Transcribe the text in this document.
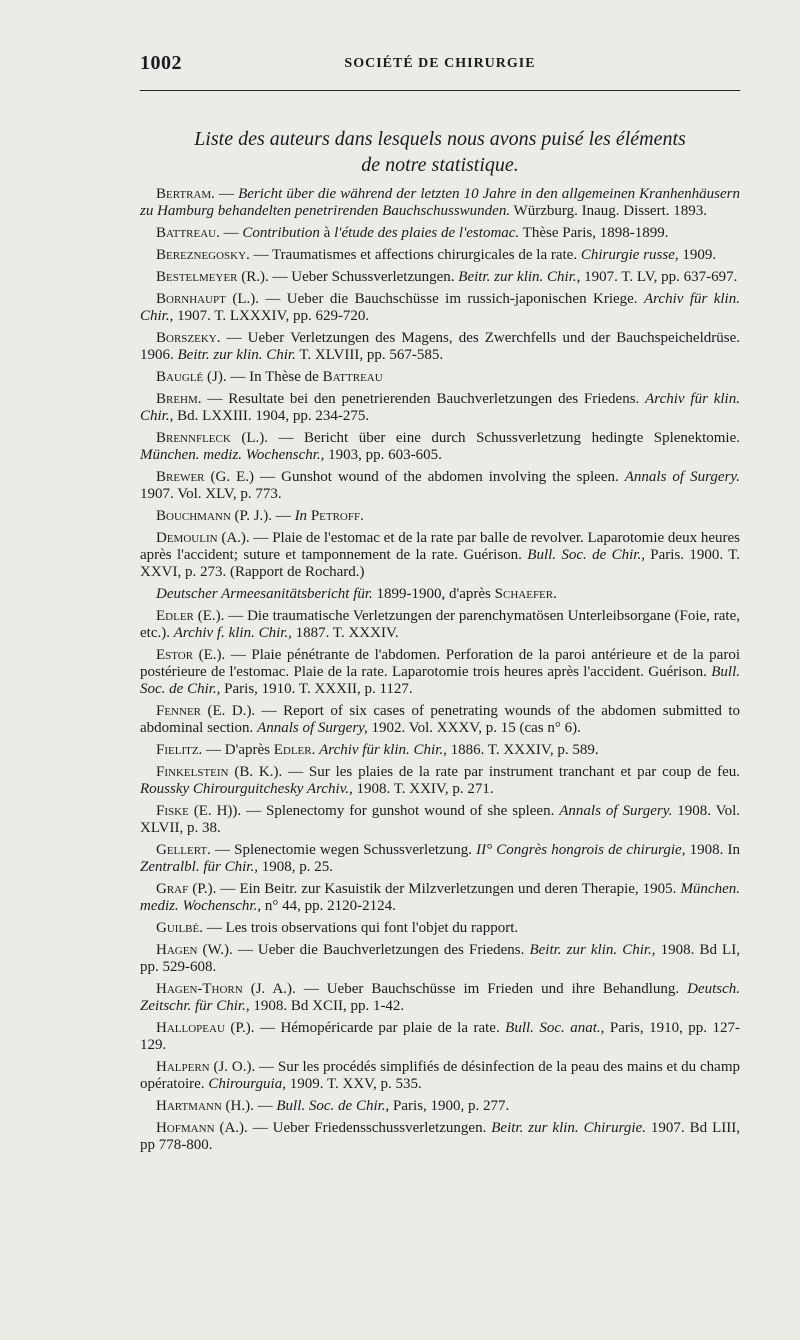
1002	SOCIÉTÉ DE CHIRURGIE
Liste des auteurs dans lesquels nous avons puisé les éléments
de notre statistique.

Bertram. — Bericht über die während der letzten 10 Jahre in den allgemeinen Kranhenhäusern zu Hamburg behandelten penetrirenden Bauchschusswunden. Würzburg. Inaug. Dissert. 1893.

Battreau. — Contribution à l'étude des plaies de l'estomac. Thèse Paris, 1898-1899.

Bereznegosky. — Traumatismes et affections chirurgicales de la rate. Chirurgie russe, 1909.

Bestelmeyer (R.). — Ueber Schussverletzungen. Beitr. zur klin. Chir., 1907. T. LV, pp. 637-697.

Bornhaupt (L.). — Ueber die Bauchschüsse im russich-japonischen Kriege. Archiv für klin. Chir., 1907. T. LXXXIV, pp. 629-720.

Borszeky. — Ueber Verletzungen des Magens, des Zwerchfells und der Bauchspeicheldrüse. 1906. Beitr. zur klin. Chir. T. XLVIII, pp. 567-585.

Bauglé (J). — In Thèse de Battreau

Brehm. — Resultate bei den penetrierenden Bauchverletzungen des Friedens. Archiv für klin. Chir., Bd. LXXIII. 1904, pp. 234-275.

Brennfleck (L.). — Bericht über eine durch Schussverletzung hedingte Splenektomie. München. mediz. Wochenschr., 1903, pp. 603-605.

Brewer (G. E.) — Gunshot wound of the abdomen involving the spleen. Annals of Surgery. 1907. Vol. XLV, p. 773.

Bouchmann (P. J.). — In Petroff.

Demoulin (A.). — Plaie de l'estomac et de la rate par balle de revolver. Laparotomie deux heures après l'accident; suture et tamponnement de la rate. Guérison. Bull. Soc. de Chir., Paris. 1900. T. XXVI, p. 273. (Rapport de Rochard.)

Deutscher Armeesanitätsbericht für. 1899-1900, d'après Schaefer.

Edler (E.). — Die traumatische Verletzungen der parenchymatösen Unterleibsorgane (Foie, rate, etc.). Archiv f. klin. Chir., 1887. T. XXXIV.

Estor (E.). — Plaie pénétrante de l'abdomen. Perforation de la paroi antérieure et de la paroi postérieure de l'estomac. Plaie de la rate. Laparotomie trois heures après l'accident. Guérison. Bull. Soc. de Chir., Paris, 1910. T. XXXII, p. 1127.

Fenner (E. D.). — Report of six cases of penetrating wounds of the abdomen submitted to abdominal section. Annals of Surgery, 1902. Vol. XXXV, p. 15 (cas n° 6).

Fielitz. — D'après Edler. Archiv für klin. Chir., 1886. T. XXXIV, p. 589.

Finkelstein (B. K.). — Sur les plaies de la rate par instrument tranchant et par coup de feu. Roussky Chirourguitchesky Archiv., 1908. T. XXIV, p. 271.

Fiske (E. H)). — Splenectomy for gunshot wound of she spleen. Annals of Surgery. 1908. Vol. XLVII, p. 38.

Gellert. — Splenectomie wegen Schussverletzung. II° Congrès hongrois de chirurgie, 1908. In Zentralbl. für Chir., 1908, p. 25.

Graf (P.). — Ein Beitr. zur Kasuistik der Milzverletzungen und deren Therapie, 1905. München. mediz. Wochenschr., n° 44, pp. 2120-2124.

Guilbé. — Les trois observations qui font l'objet du rapport.

Hagen (W.). — Ueber die Bauchverletzungen des Friedens. Beitr. zur klin. Chir., 1908. Bd LI, pp. 529-608.

Hagen-Thorn (J. A.). — Ueber Bauchschüsse im Frieden und ihre Behandlung. Deutsch. Zeitschr. für Chir., 1908. Bd XCII, pp. 1-42.

Hallopeau (P.). — Hémopéricarde par plaie de la rate. Bull. Soc. anat., Paris, 1910, pp. 127-129.

Halpern (J. O.). — Sur les procédés simplifiés de désinfection de la peau des mains et du champ opératoire. Chirourguia, 1909. T. XXV, p. 535.

Hartmann (H.). — Bull. Soc. de Chir., Paris, 1900, p. 277.

Hofmann (A.). — Ueber Friedensschussverletzungen. Beitr. zur klin. Chirurgie. 1907. Bd LIII, pp 778-800.
